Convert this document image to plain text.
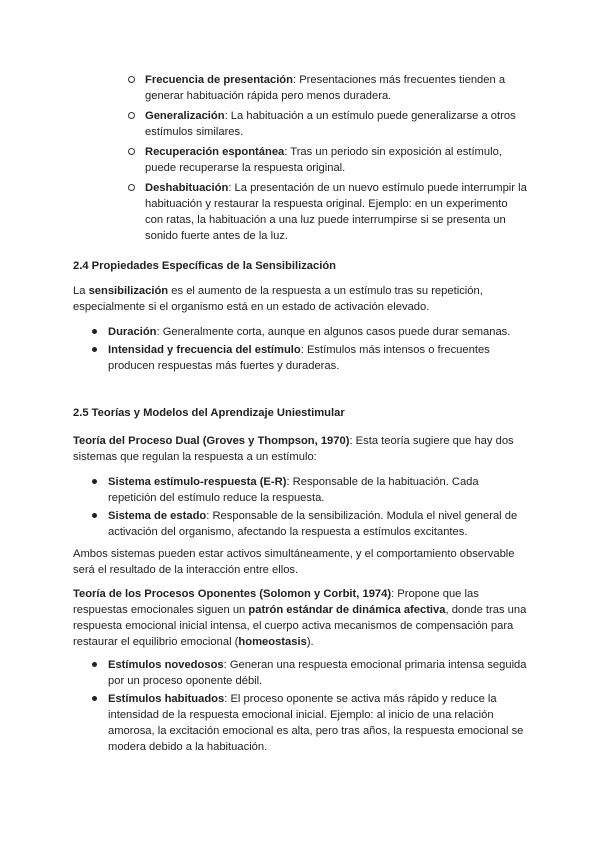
Frecuencia de presentación: Presentaciones más frecuentes tienden a generar habituación rápida pero menos duradera.
Generalización: La habituación a un estímulo puede generalizarse a otros estímulos similares.
Recuperación espontánea: Tras un periodo sin exposición al estímulo, puede recuperarse la respuesta original.
Deshabituación: La presentación de un nuevo estímulo puede interrumpir la habituación y restaurar la respuesta original. Ejemplo: en un experimento con ratas, la habituación a una luz puede interrumpirse si se presenta un sonido fuerte antes de la luz.
2.4 Propiedades Específicas de la Sensibilización

La sensibilización es el aumento de la respuesta a un estímulo tras su repetición, especialmente si el organismo está en un estado de activación elevado.

Duración: Generalmente corta, aunque en algunos casos puede durar semanas.
Intensidad y frecuencia del estímulo: Estímulos más intensos o frecuentes producen respuestas más fuertes y duraderas.
2.5 Teorías y Modelos del Aprendizaje Uniestimular

Teoría del Proceso Dual (Groves y Thompson, 1970): Esta teoría sugiere que hay dos sistemas que regulan la respuesta a un estímulo:

Sistema estímulo-respuesta (E-R): Responsable de la habituación. Cada repetición del estímulo reduce la respuesta.
Sistema de estado: Responsable de la sensibilización. Modula el nivel general de activación del organismo, afectando la respuesta a estímulos excitantes.

Ambos sistemas pueden estar activos simultáneamente, y el comportamiento observable será el resultado de la interacción entre ellos.

Teoría de los Procesos Oponentes (Solomon y Corbit, 1974): Propone que las respuestas emocionales siguen un patrón estándar de dinámica afectiva, donde tras una respuesta emocional inicial intensa, el cuerpo activa mecanismos de compensación para restaurar el equilibrio emocional (homeostasis).

Estímulos novedosos: Generan una respuesta emocional primaria intensa seguida por un proceso oponente débil.
Estímulos habituados: El proceso oponente se activa más rápido y reduce la intensidad de la respuesta emocional inicial. Ejemplo: al inicio de una relación amorosa, la excitación emocional es alta, pero tras años, la respuesta emocional se modera debido a la habituación.
